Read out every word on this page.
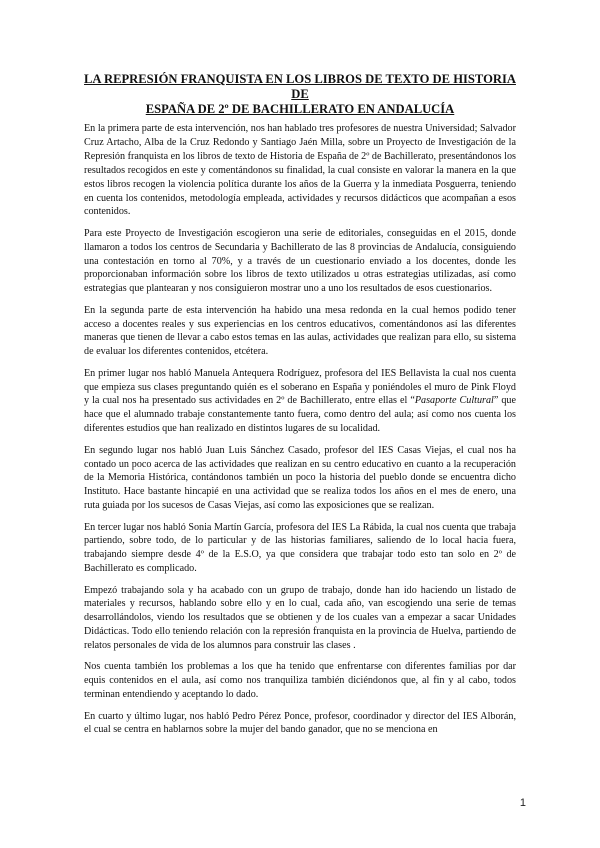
LA REPRESIÓN FRANQUISTA EN LOS LIBROS DE TEXTO DE HISTORIA DE
ESPAÑA DE 2º DE BACHILLERATO EN ANDALUCÍA

En la primera parte de esta intervención, nos han hablado tres profesores de nuestra Universidad; Salvador Cruz Artacho, Alba de la Cruz Redondo y Santiago Jaén Milla, sobre un Proyecto de Investigación de la Represión franquista en los libros de texto de Historia de España de 2º de Bachillerato, presentándonos los resultados recogidos en este y comentándonos su finalidad, la cual consiste en valorar la manera en la que estos libros recogen la violencia política durante los años de la Guerra y la inmediata Posguerra, teniendo en cuenta los contenidos, metodología empleada, actividades y recursos didácticos que acompañan a esos contenidos.

Para este Proyecto de Investigación escogieron una serie de editoriales, conseguidas en el 2015, donde llamaron a todos los centros de Secundaria y Bachillerato de las 8 provincias de Andalucía, consiguiendo una contestación en torno al 70%, y a través de un cuestionario enviado a los docentes, donde les proporcionaban información sobre los libros de texto utilizados u otras estrategias utilizadas, así como estrategias que plantearan y nos consiguieron mostrar uno a uno los resultados de esos cuestionarios.

En la segunda parte de esta intervención ha habido una mesa redonda en la cual hemos podido tener acceso a docentes reales y sus experiencias en los centros educativos, comentándonos así las diferentes maneras que tienen de llevar a cabo estos temas en las aulas, actividades que realizan para ello, su sistema de evaluar los diferentes contenidos, etcétera.

En primer lugar nos habló Manuela Antequera Rodríguez, profesora del IES Bellavista la cual nos cuenta que empieza sus clases preguntando quién es el soberano en España y poniéndoles el muro de Pink Floyd y la cual nos ha presentado sus actividades en 2º de Bachillerato, entre ellas el “Pasaporte Cultural” que hace que el alumnado trabaje constantemente tanto fuera, como dentro del aula; así como nos cuenta los diferentes estudios que han realizado en distintos lugares de su localidad.

En segundo lugar nos habló Juan Luis Sánchez Casado, profesor del IES Casas Viejas, el cual nos ha contado un poco acerca de las actividades que realizan en su centro educativo en cuanto a la recuperación de la Memoria Histórica, contándonos también un poco la historia del pueblo donde se encuentra dicho Instituto. Hace bastante hincapié en una actividad que se realiza todos los años en el mes de enero, una ruta guiada por los sucesos de Casas Viejas, así como las exposiciones que se realizan.

En tercer lugar nos habló Sonia Martín García, profesora del IES La Rábida, la cual nos cuenta que trabaja partiendo, sobre todo, de lo particular y de las historias familiares, saliendo de lo local hacia fuera, trabajando siempre desde 4º de la E.S.O, ya que considera que trabajar todo esto tan solo en 2º de Bachillerato es complicado.

Empezó trabajando sola y ha acabado con un grupo de trabajo, donde han ido haciendo un listado de materiales y recursos, hablando sobre ello y en lo cual, cada año, van escogiendo una serie de temas desarrollándolos, viendo los resultados que se obtienen y de los cuales van a empezar a sacar Unidades Didácticas. Todo ello teniendo relación con la represión franquista en la provincia de Huelva, partiendo de relatos personales de vida de los alumnos para construir las clases .

Nos cuenta también los problemas a los que ha tenido que enfrentarse con diferentes familias por dar equis contenidos en el aula, así como nos tranquiliza también diciéndonos que, al fin y al cabo, todos terminan entendiendo y aceptando lo dado.

En cuarto y último lugar, nos habló Pedro Pérez Ponce, profesor, coordinador y director del IES Alborán, el cual se centra en hablarnos sobre la mujer del bando ganador, que no se menciona en

1
